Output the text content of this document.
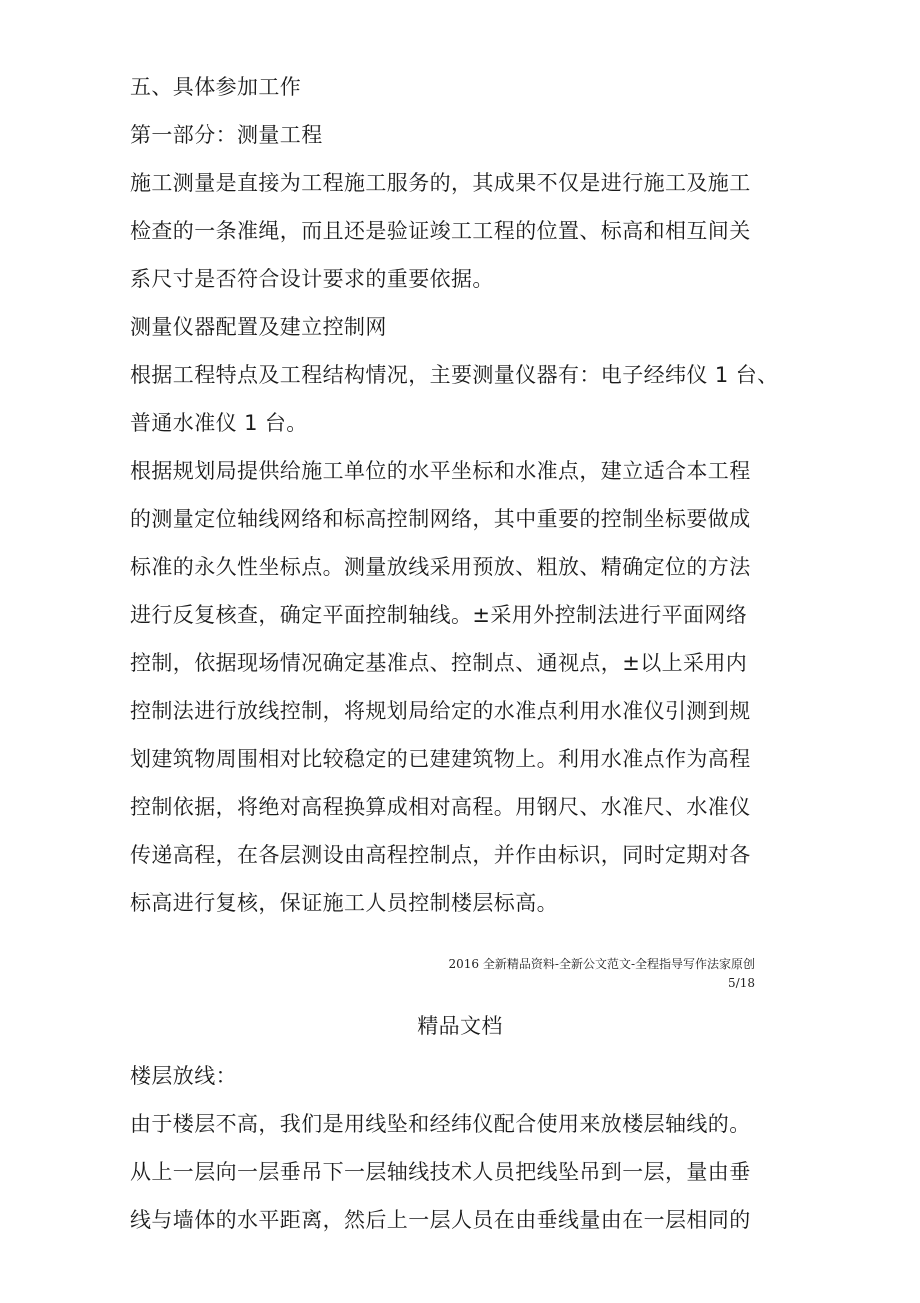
五、具体参加工作
第一部分：测量工程
施工测量是直接为工程施工服务的，其成果不仅是进行施工及施工
检查的一条准绳，而且还是验证竣工工程的位置、标高和相互间关
系尺寸是否符合设计要求的重要依据。
测量仪器配置及建立控制网
根据工程特点及工程结构情况，主要测量仪器有：电子经纬仪 1 台、
普通水准仪 1 台。
根据规划局提供给施工单位的水平坐标和水准点，建立适合本工程
的测量定位轴线网络和标高控制网络，其中重要的控制坐标要做成
标准的永久性坐标点。测量放线采用预放、粗放、精确定位的方法
进行反复核查，确定平面控制轴线。±采用外控制法进行平面网络
控制，依据现场情况确定基准点、控制点、通视点，±以上采用内
控制法进行放线控制，将规划局给定的水准点利用水准仪引测到规
划建筑物周围相对比较稳定的已建建筑物上。利用水准点作为高程
控制依据，将绝对高程换算成相对高程。用钢尺、水准尺、水准仪
传递高程，在各层测设由高程控制点，并作由标识，同时定期对各
标高进行复核，保证施工人员控制楼层标高。
2016 全新精品资料-全新公文范文-全程指导写作法家原创
5/18
精品文档
楼层放线：
由于楼层不高，我们是用线坠和经纬仪配合使用来放楼层轴线的。
从上一层向一层垂吊下一层轴线技术人员把线坠吊到一层，量由垂
线与墙体的水平距离，然后上一层人员在由垂线量由在一层相同的
